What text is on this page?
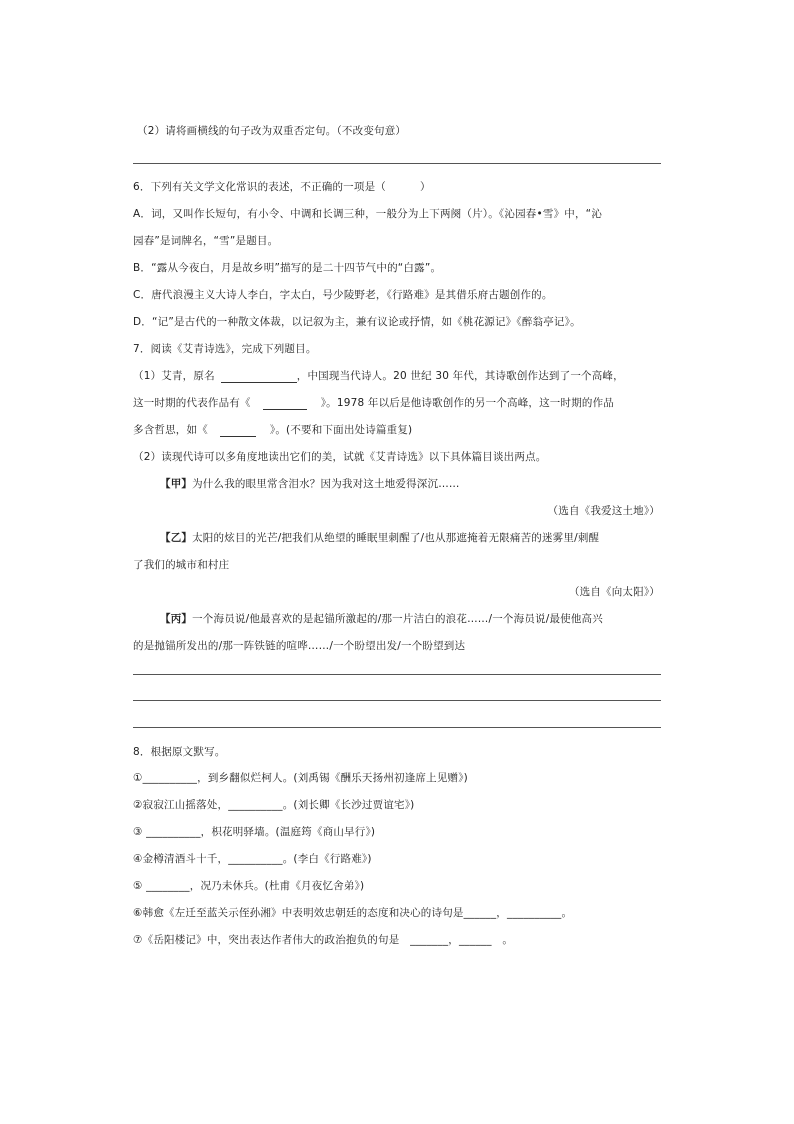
（2）请将画横线的句子改为双重否定句。（不改变句意）
6．下列有关文学文化常识的表述，不正确的一项是（	）
A．词，又叫作长短句，有小令、中调和长调三种，一般分为上下两阕（片）。《沁园春•雪》中，“沁
园春”是词牌名，“雪”是题目。
B．“露从今夜白，月是故乡明”描写的是二十四节气中的“白露”。
C．唐代浪漫主义大诗人李白，字太白，号少陵野老，《行路难》是其借乐府古题创作的。
D．“记”是古代的一种散文体裁，以记叙为主，兼有议论或抒情，如《桃花源记》《醉翁亭记》。
7．阅读《艾青诗选》，完成下列题目。
（1）艾青，原名	，中国现当代诗人。20 世纪 30 年代，其诗歌创作达到了一个高峰，
这一时期的代表作品有《	》。1978 年以后是他诗歌创作的另一个高峰，这一时期的作品
多含哲思，如《	》。(不要和下面出处诗篇重复)
（2）读现代诗可以多角度地读出它们的美，试就《艾青诗选》以下具体篇目谈出两点。
【甲】为什么我的眼里常含泪水？因为我对这土地爱得深沉……
（选自《我爱这土地》）
【乙】太阳的炫目的光芒/把我们从绝望的睡眠里刺醒了/也从那遮掩着无限痛苦的迷雾里/刺醒
了我们的城市和村庄
（选自《向太阳》）
【丙】一个海员说/他最喜欢的是起锚所激起的/那一片洁白的浪花……/一个海员说/最使他高兴
的是抛锚所发出的/那一阵铁链的喧哗……/一个盼望出发/一个盼望到达
8．根据原文默写。
①__________，到乡翻似烂柯人。(刘禹锡《酬乐天扬州初逢席上见赠》)
②寂寂江山摇落处，__________。(刘长卿《长沙过贾谊宅》)
③ __________，枳花明驿墙。(温庭筠《商山早行》)
④金樽清酒斗十千，__________。(李白《行路难》)
⑤ ________，况乃未休兵。(杜甫《月夜忆舍弟》)
⑥韩愈《左迁至蓝关示侄孙湘》中表明效忠朝廷的态度和决心的诗句是______，__________。
⑦《岳阳楼记》中，突出表达作者伟大的政治抱负的句是　_______，______　。
